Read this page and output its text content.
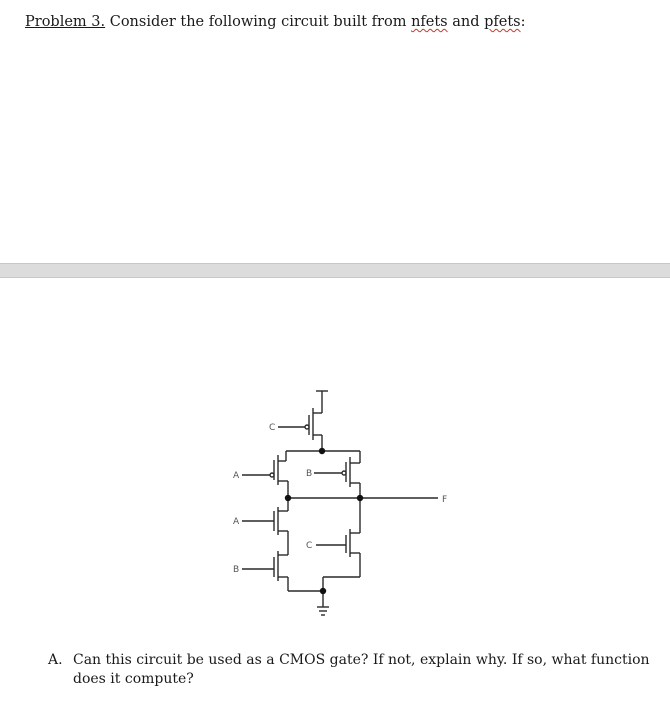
Problem 3. Consider the following circuit built from nfets and pfets:
C
A	B
F
A
C
B
A. Can this circuit be used as a CMOS gate? If not, explain why. If so, what function does it compute?
